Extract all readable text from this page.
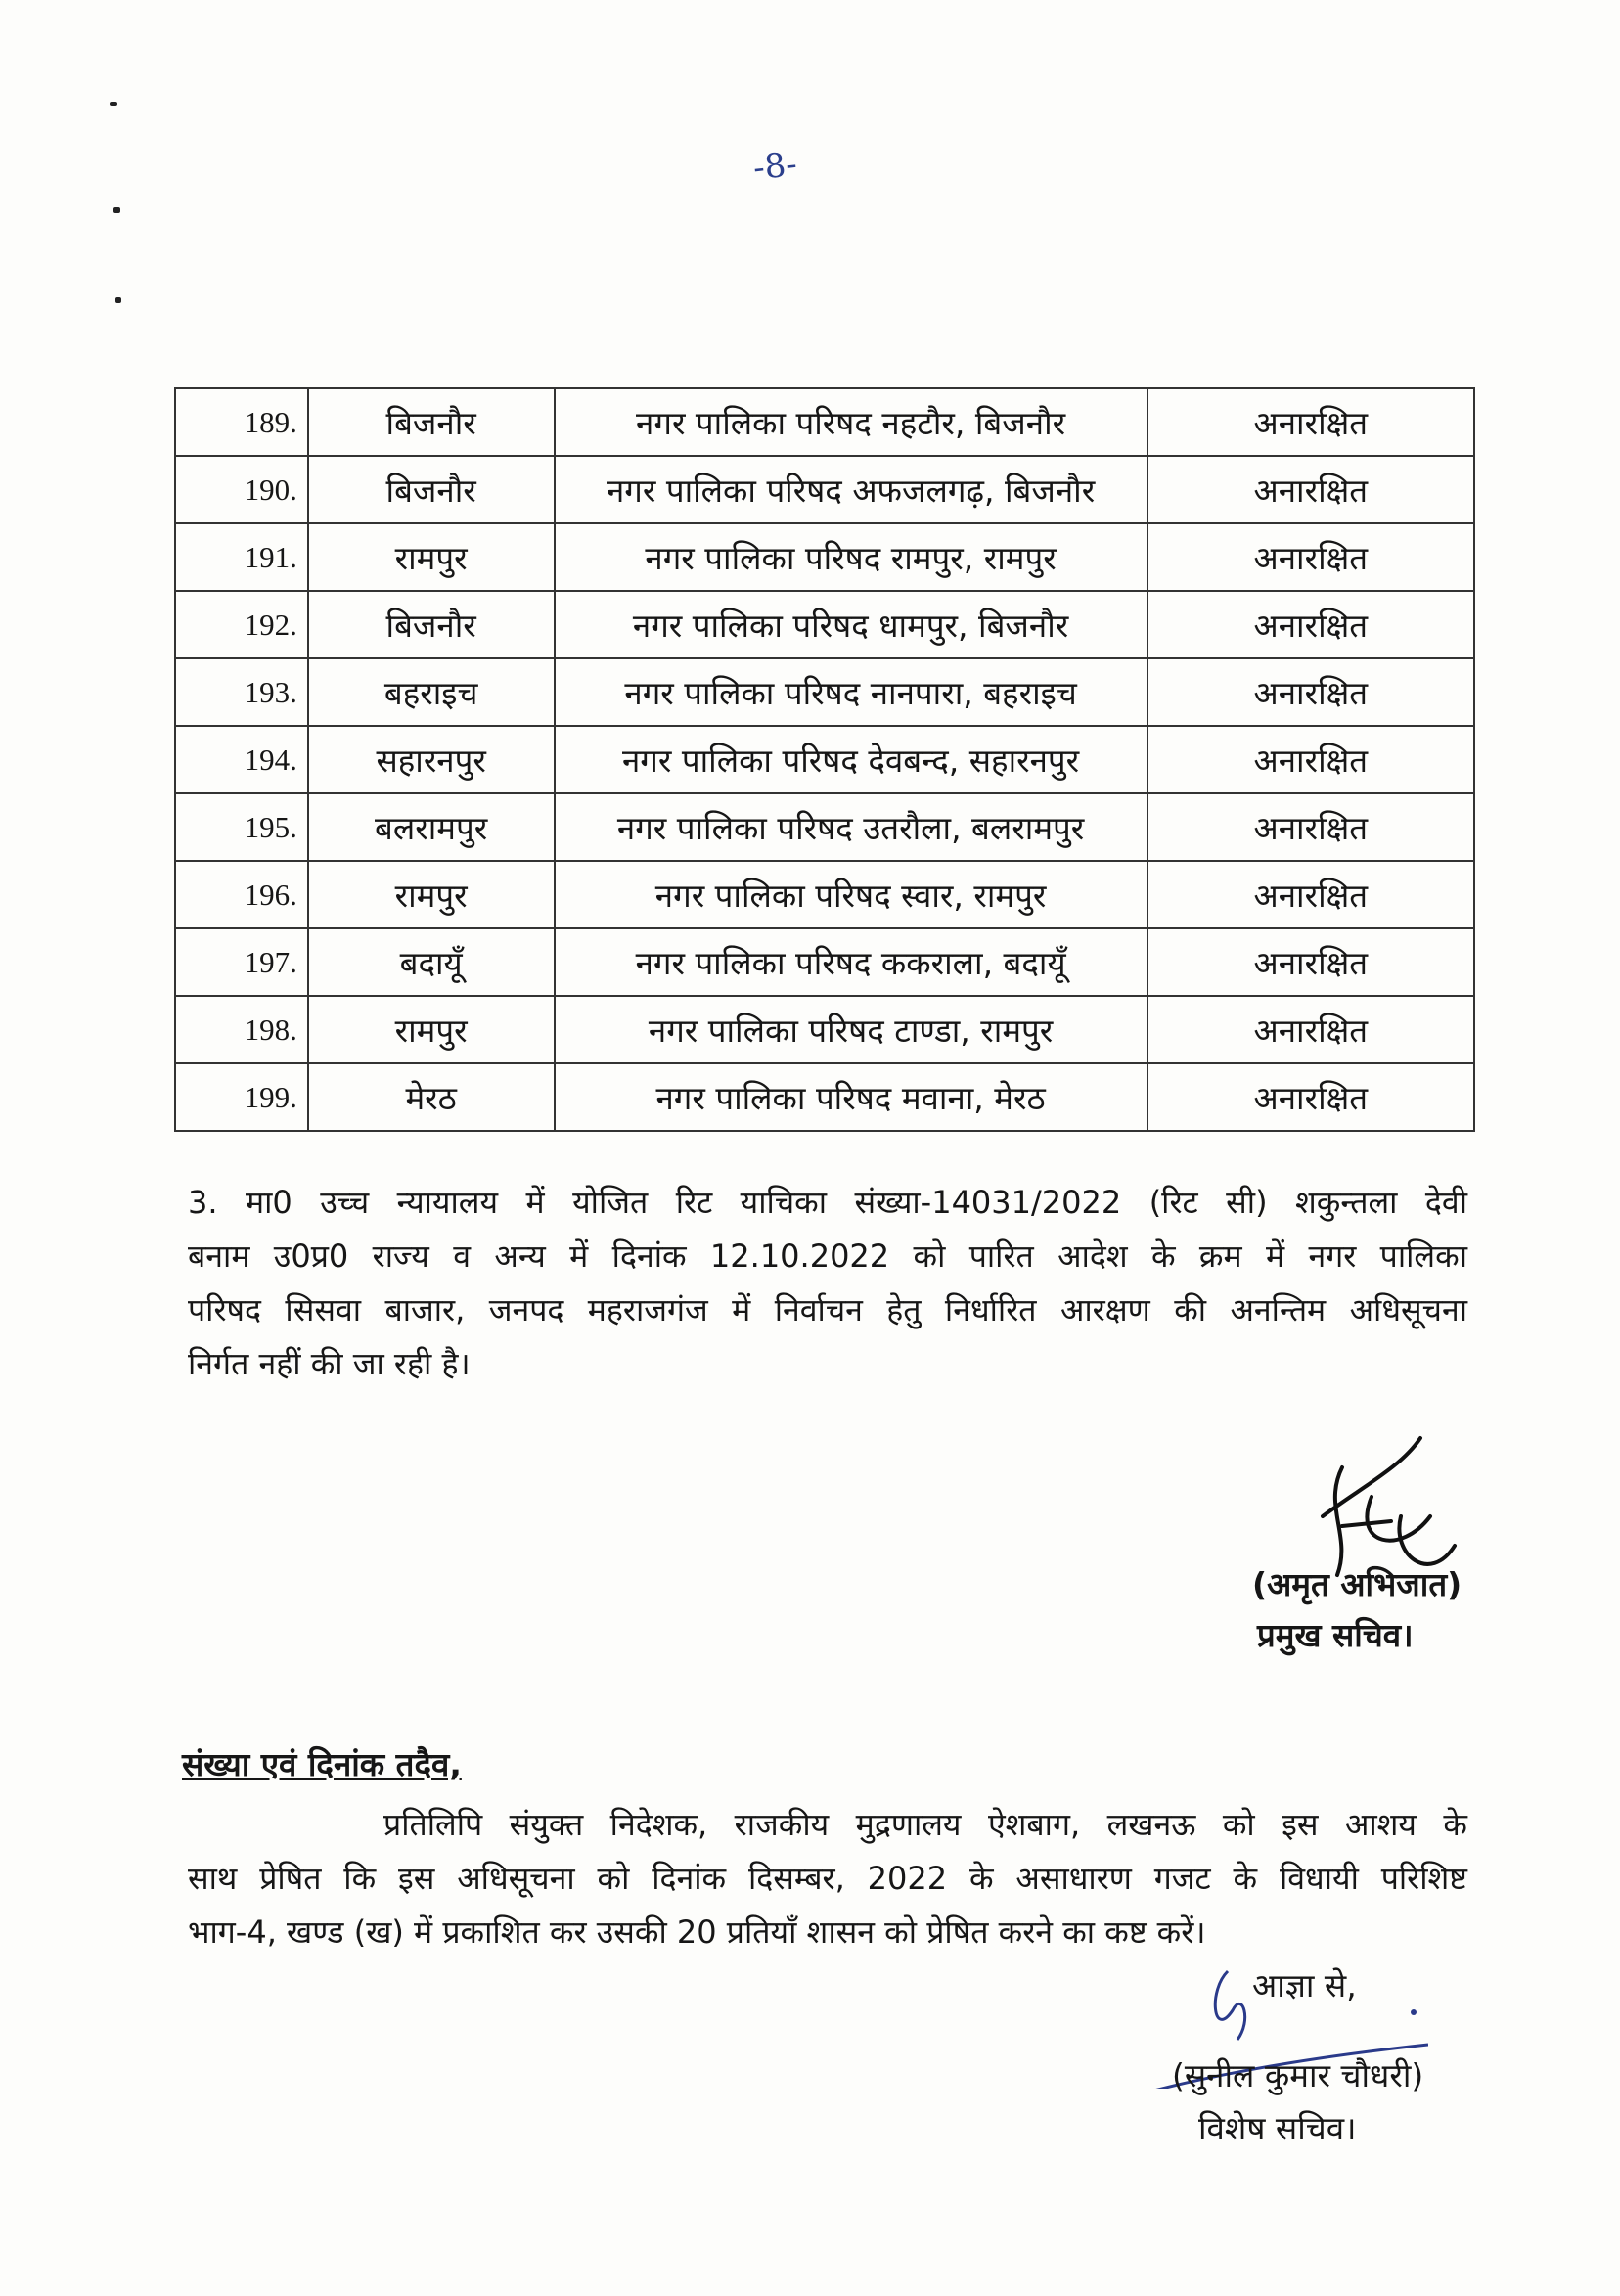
-8-
189.	बिजनौर	नगर पालिका परिषद नहटौर, बिजनौर	अनारक्षित
190.	बिजनौर	नगर पालिका परिषद अफजलगढ़, बिजनौर	अनारक्षित
191.	रामपुर	नगर पालिका परिषद रामपुर, रामपुर	अनारक्षित
192.	बिजनौर	नगर पालिका परिषद धामपुर, बिजनौर	अनारक्षित
193.	बहराइच	नगर पालिका परिषद नानपारा, बहराइच	अनारक्षित
194.	सहारनपुर	नगर पालिका परिषद देवबन्द, सहारनपुर	अनारक्षित
195.	बलरामपुर	नगर पालिका परिषद उतरौला, बलरामपुर	अनारक्षित
196.	रामपुर	नगर पालिका परिषद स्वार, रामपुर	अनारक्षित
197.	बदायूँ	नगर पालिका परिषद ककराला, बदायूँ	अनारक्षित
198.	रामपुर	नगर पालिका परिषद टाण्डा, रामपुर	अनारक्षित
199.	मेरठ	नगर पालिका परिषद मवाना, मेरठ	अनारक्षित
3. मा0 उच्च न्यायालय में योजित रिट याचिका संख्या-14031/2022 (रिट सी) शकुन्तला देवी
बनाम उ0प्र0 राज्य व अन्य में दिनांक 12.10.2022 को पारित आदेश के क्रम में नगर पालिका
परिषद सिसवा बाजार, जनपद महराजगंज में निर्वाचन हेतु निर्धारित आरक्षण की अनन्तिम अधिसूचना
निर्गत नहीं की जा रही है।
(अमृत अभिजात)
प्रमुख सचिव।
संख्या एवं दिनांक तदैव,
प्रतिलिपि संयुक्त निदेशक, राजकीय मुद्रणालय ऐशबाग, लखनऊ को इस आशय के
साथ प्रेषित कि इस अधिसूचना को दिनांक दिसम्बर, 2022 के असाधारण गजट के विधायी परिशिष्ट
भाग-4, खण्ड (ख) में प्रकाशित कर उसकी 20 प्रतियाँ शासन को प्रेषित करने का कष्ट करें।
आज्ञा से,
(सुनील कुमार चौधरी)
विशेष सचिव।
